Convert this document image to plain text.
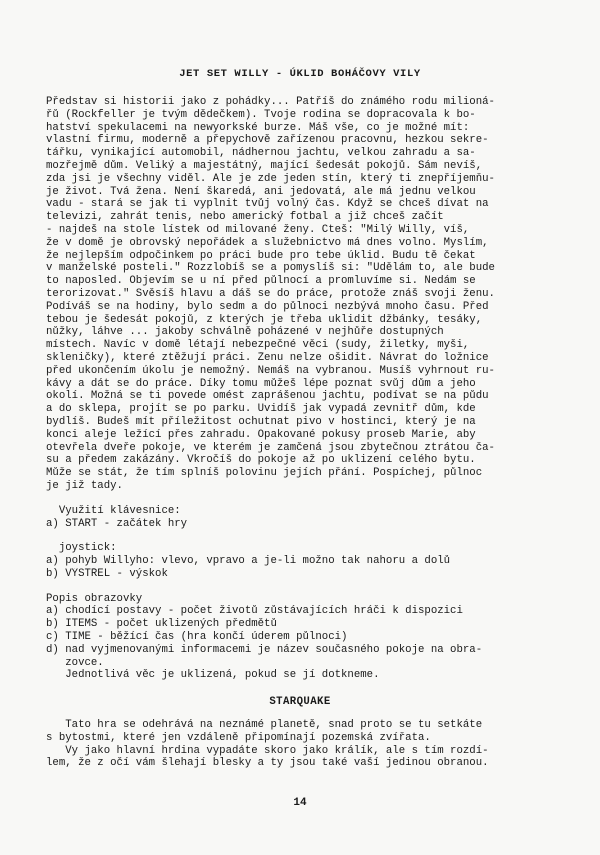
JET SET WILLY - ÚKLID BOHÁČOVY VILY
Představ si historii jako z pohádky... Patříš do známého rodu milioná-
řů (Rockfeller je tvým dědečkem). Tvoje rodina se dopracovala k bo-
hatství spekulacemi na newyorkské burze. Máš vše, co je možné mít:
vlastní firmu, moderně a přepychově zařízenou pracovnu, hezkou sekre-
tářku, vynikající automobil, nádhernou jachtu, velkou zahradu a sa-
mozřejmě dům. Veliký a majestátný, mající šedesát pokojů. Sám nevíš,
zda jsi je všechny viděl. Ale je zde jeden stín, který ti znepříjemňu-
je život. Tvá žena. Není škaredá, ani jedovatá, ale má jednu velkou
vadu - stará se jak ti vyplnit tvůj volný čas. Když se chceš dívat na
televizi, zahrát tenis, nebo americký fotbal a již chceš začít
- najdeš na stole lístek od milované ženy. Čteš: "Milý Willy, víš,
že v domě je obrovský nepořádek a služebnictvo má dnes volno. Myslím,
že nejlepším odpočinkem po práci bude pro tebe úklid. Budu tě čekat
v manželské posteli." Rozzlobíš se a pomyslíš si: "Udělám to, ale bude
to naposled. Objevím se u ní před půlnocí a promluvíme si. Nedám se
terorizovat." Svěsíš hlavu a dáš se do práce, protože znáš svoji ženu.
Podíváš se na hodiny, bylo sedm a do půlnoci nezbývá mnoho času. Před
tebou je šedesát pokojů, z kterých je třeba uklidit džbánky, tesáky,
nůžky, láhve ... jakoby schválně poházené v nejhůře dostupných
místech. Navíc v domě létají nebezpečné věci (sudy, žiletky, myši,
skleničky), které ztěžují práci. Ženu nelze ošidit. Návrat do ložnice
před ukončením úkolu je nemožný. Nemáš na vybranou. Musíš vyhrnout ru-
kávy a dát se do práce. Díky tomu můžeš lépe poznat svůj dům a jeho
okolí. Možná se ti povede omést zaprášenou jachtu, podívat se na půdu
a do sklepa, projít se po parku. Uvidíš jak vypadá zevnitř dům, kde
bydlíš. Budeš mít příležitost ochutnat pivo v hostinci, který je na
konci aleje ležící přes zahradu. Opakované pokusy proseb Marie, aby
otevřela dveře pokoje, ve kterém je zamčená jsou zbytečnou ztrátou ča-
su a předem zakázány. Vkročíš do pokoje až po uklizení celého bytu.
Může se stát, že tím splníš polovinu jejích přání. Pospíchej, půlnoc
je již tady.
Využití klávesnice:
a) START - začátek hry
joystick:
a) pohyb Willyho: vlevo, vpravo a je-li možno tak nahoru a dolů
b) VÝSTŘEL - výskok
Popis obrazovky
a) chodící postavy - počet životů zůstávajících hráči k dispozici
b) ITEMS - počet uklizených předmětů
c) TIME - běžící čas (hra končí úderem půlnoci)
d) nad vyjmenovanými informacemi je název současného pokoje na obra-
zovce.
Jednotlivá věc je uklizená, pokud se jí dotkneme.
STARQUAKE
Tato hra se odehrává na neznámé planetě, snad proto se tu setkáte
s bytostmi, které jen vzdáleně připomínají pozemská zvířata.
Vy jako hlavní hrdina vypadáte skoro jako králík, ale s tím rozdí-
lem, že z očí vám šlehají blesky a ty jsou také vaší jedinou obranou.
14
